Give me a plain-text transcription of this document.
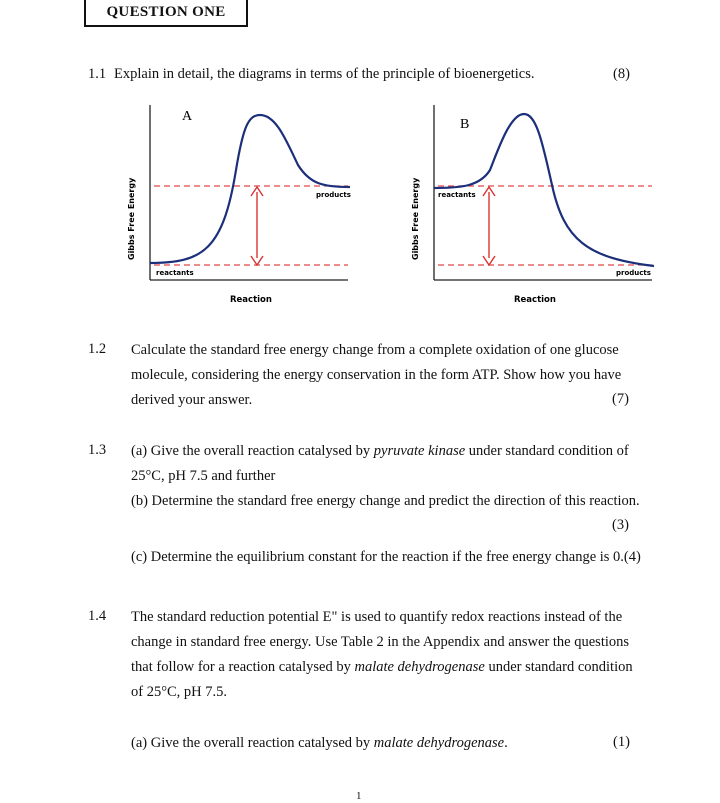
QUESTION ONE
1.1 Explain in detail, the diagrams in terms of the principle of bioenergetics.	(8)
A
Gibbs Free Energy
Reaction
reactants
products
B
Gibbs Free Energy
Reaction
reactants
products
1.2 Calculate the standard free energy change from a complete oxidation of one glucose
molecule, considering the energy conservation in the form ATP. Show how you have
derived your answer.	(7)
1.3 (a) Give the overall reaction catalysed by pyruvate kinase under standard condition of
25°C, pH 7.5 and further
(b) Determine the standard free energy change and predict the direction of this reaction.
(3)
(c) Determine the equilibrium constant for the reaction if the free energy change is 0.(4)
1.4 The standard reduction potential E" is used to quantify redox reactions instead of the
change in standard free energy. Use Table 2 in the Appendix and answer the questions
that follow for a reaction catalysed by malate dehydrogenase under standard condition
of 25°C, pH 7.5.
(a) Give the overall reaction catalysed by malate dehydrogenase.	(1)
1
